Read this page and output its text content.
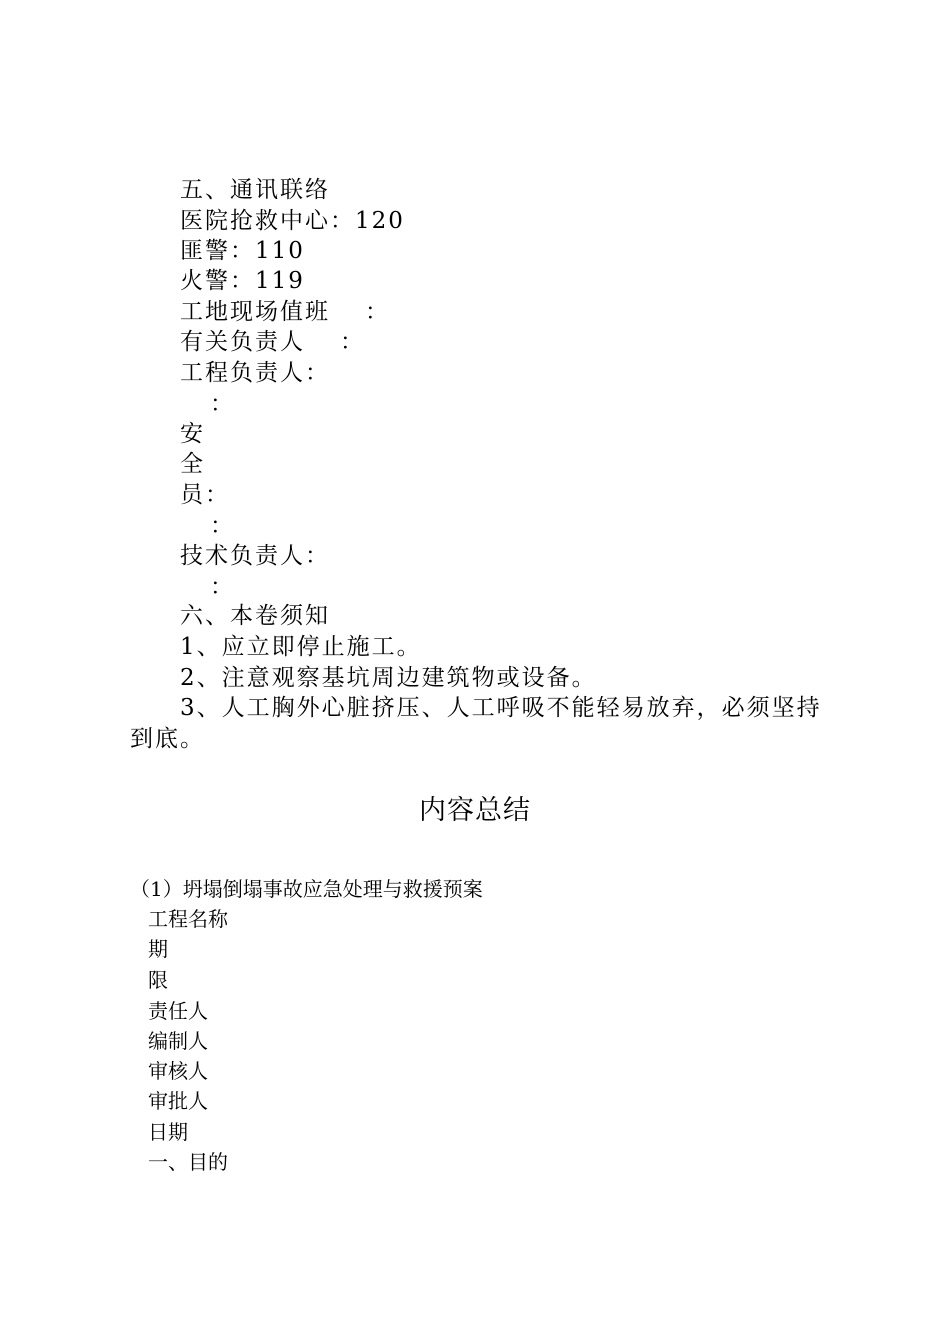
五、通讯联络
医院抢救中心：120
匪警：110
火警：119
工地现场值班 ：
有关负责人 ：
工程负责人：
：
安
全
员：
：
技术负责人：
：
六、本卷须知
1、应立即停止施工。
2、注意观察基坑周边建筑物或设备。
3、人工胸外心脏挤压、人工呼吸不能轻易放弃，必须坚持
到底。
内容总结
（1）坍塌倒塌事故应急处理与救援预案
工程名称
期
限
责任人
编制人
审核人
审批人
日期
一、目的
